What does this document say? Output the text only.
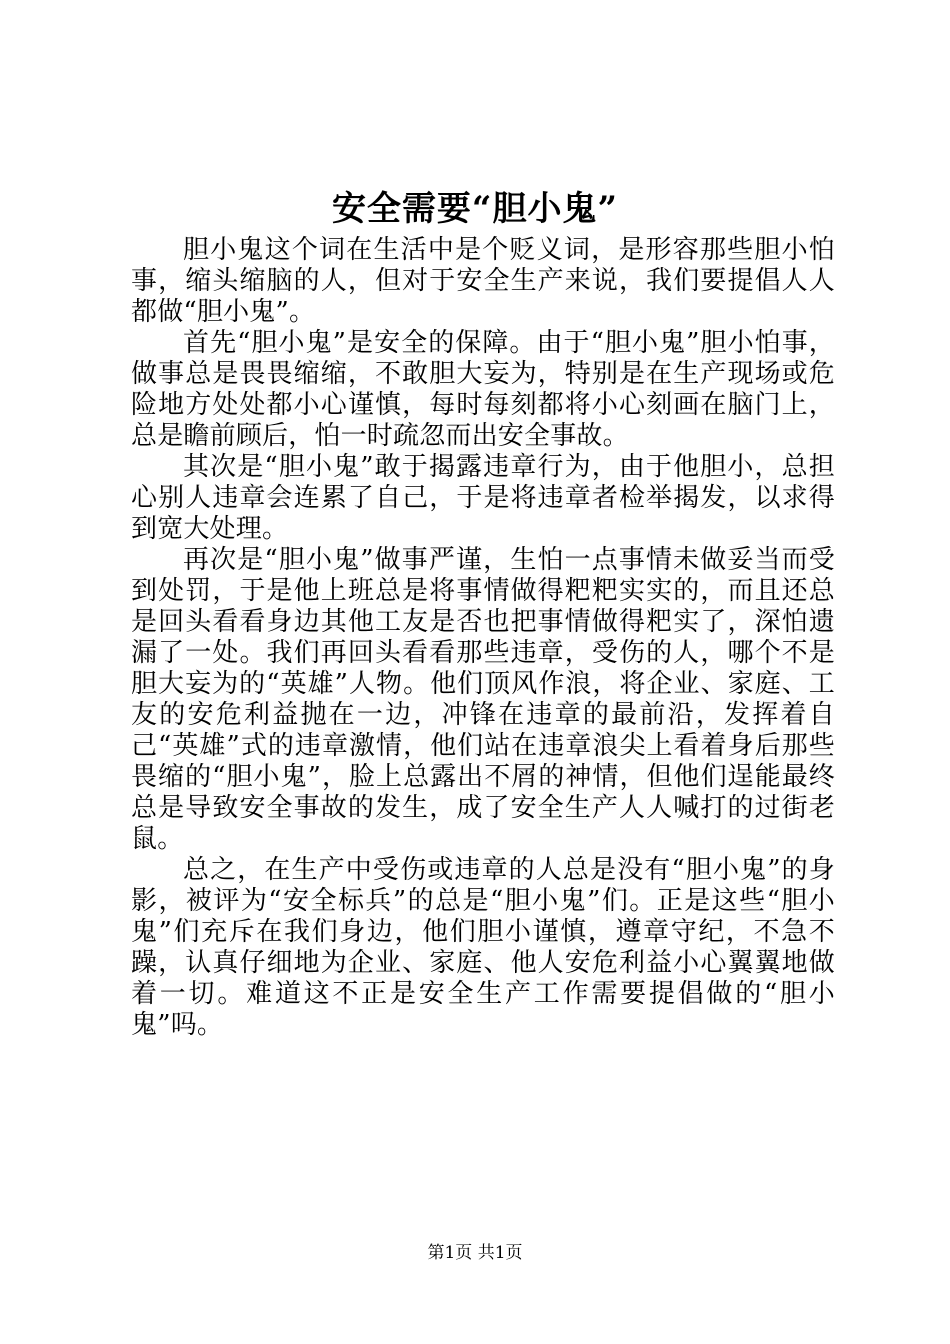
安全需要“胆小鬼”

胆小鬼这个词在生活中是个贬义词，是形容那些胆小怕事，缩头缩脑的人，但对于安全生产来说，我们要提倡人人都做“胆小鬼”。

首先“胆小鬼”是安全的保障。由于“胆小鬼”胆小怕事，做事总是畏畏缩缩，不敢胆大妄为，特别是在生产现场或危险地方处处都小心谨慎，每时每刻都将小心刻画在脑门上，总是瞻前顾后，怕一时疏忽而出安全事故。

其次是“胆小鬼”敢于揭露违章行为，由于他胆小，总担心别人违章会连累了自己，于是将违章者检举揭发，以求得到宽大处理。

再次是“胆小鬼”做事严谨，生怕一点事情未做妥当而受到处罚，于是他上班总是将事情做得粑粑实实的，而且还总是回头看看身边其他工友是否也把事情做得粑实了，深怕遗漏了一处。我们再回头看看那些违章，受伤的人，哪个不是胆大妄为的“英雄”人物。他们顶风作浪，将企业、家庭、工友的安危利益抛在一边，冲锋在违章的最前沿，发挥着自己“英雄”式的违章激情，他们站在违章浪尖上看着身后那些畏缩的“胆小鬼”，脸上总露出不屑的神情，但他们逞能最终总是导致安全事故的发生，成了安全生产人人喊打的过街老鼠。

总之，在生产中受伤或违章的人总是没有“胆小鬼”的身影，被评为“安全标兵”的总是“胆小鬼”们。正是这些“胆小鬼”们充斥在我们身边，他们胆小谨慎，遵章守纪，不急不躁，认真仔细地为企业、家庭、他人安危利益小心翼翼地做着一切。难道这不正是安全生产工作需要提倡做的“胆小鬼”吗。

第1页 共1页
